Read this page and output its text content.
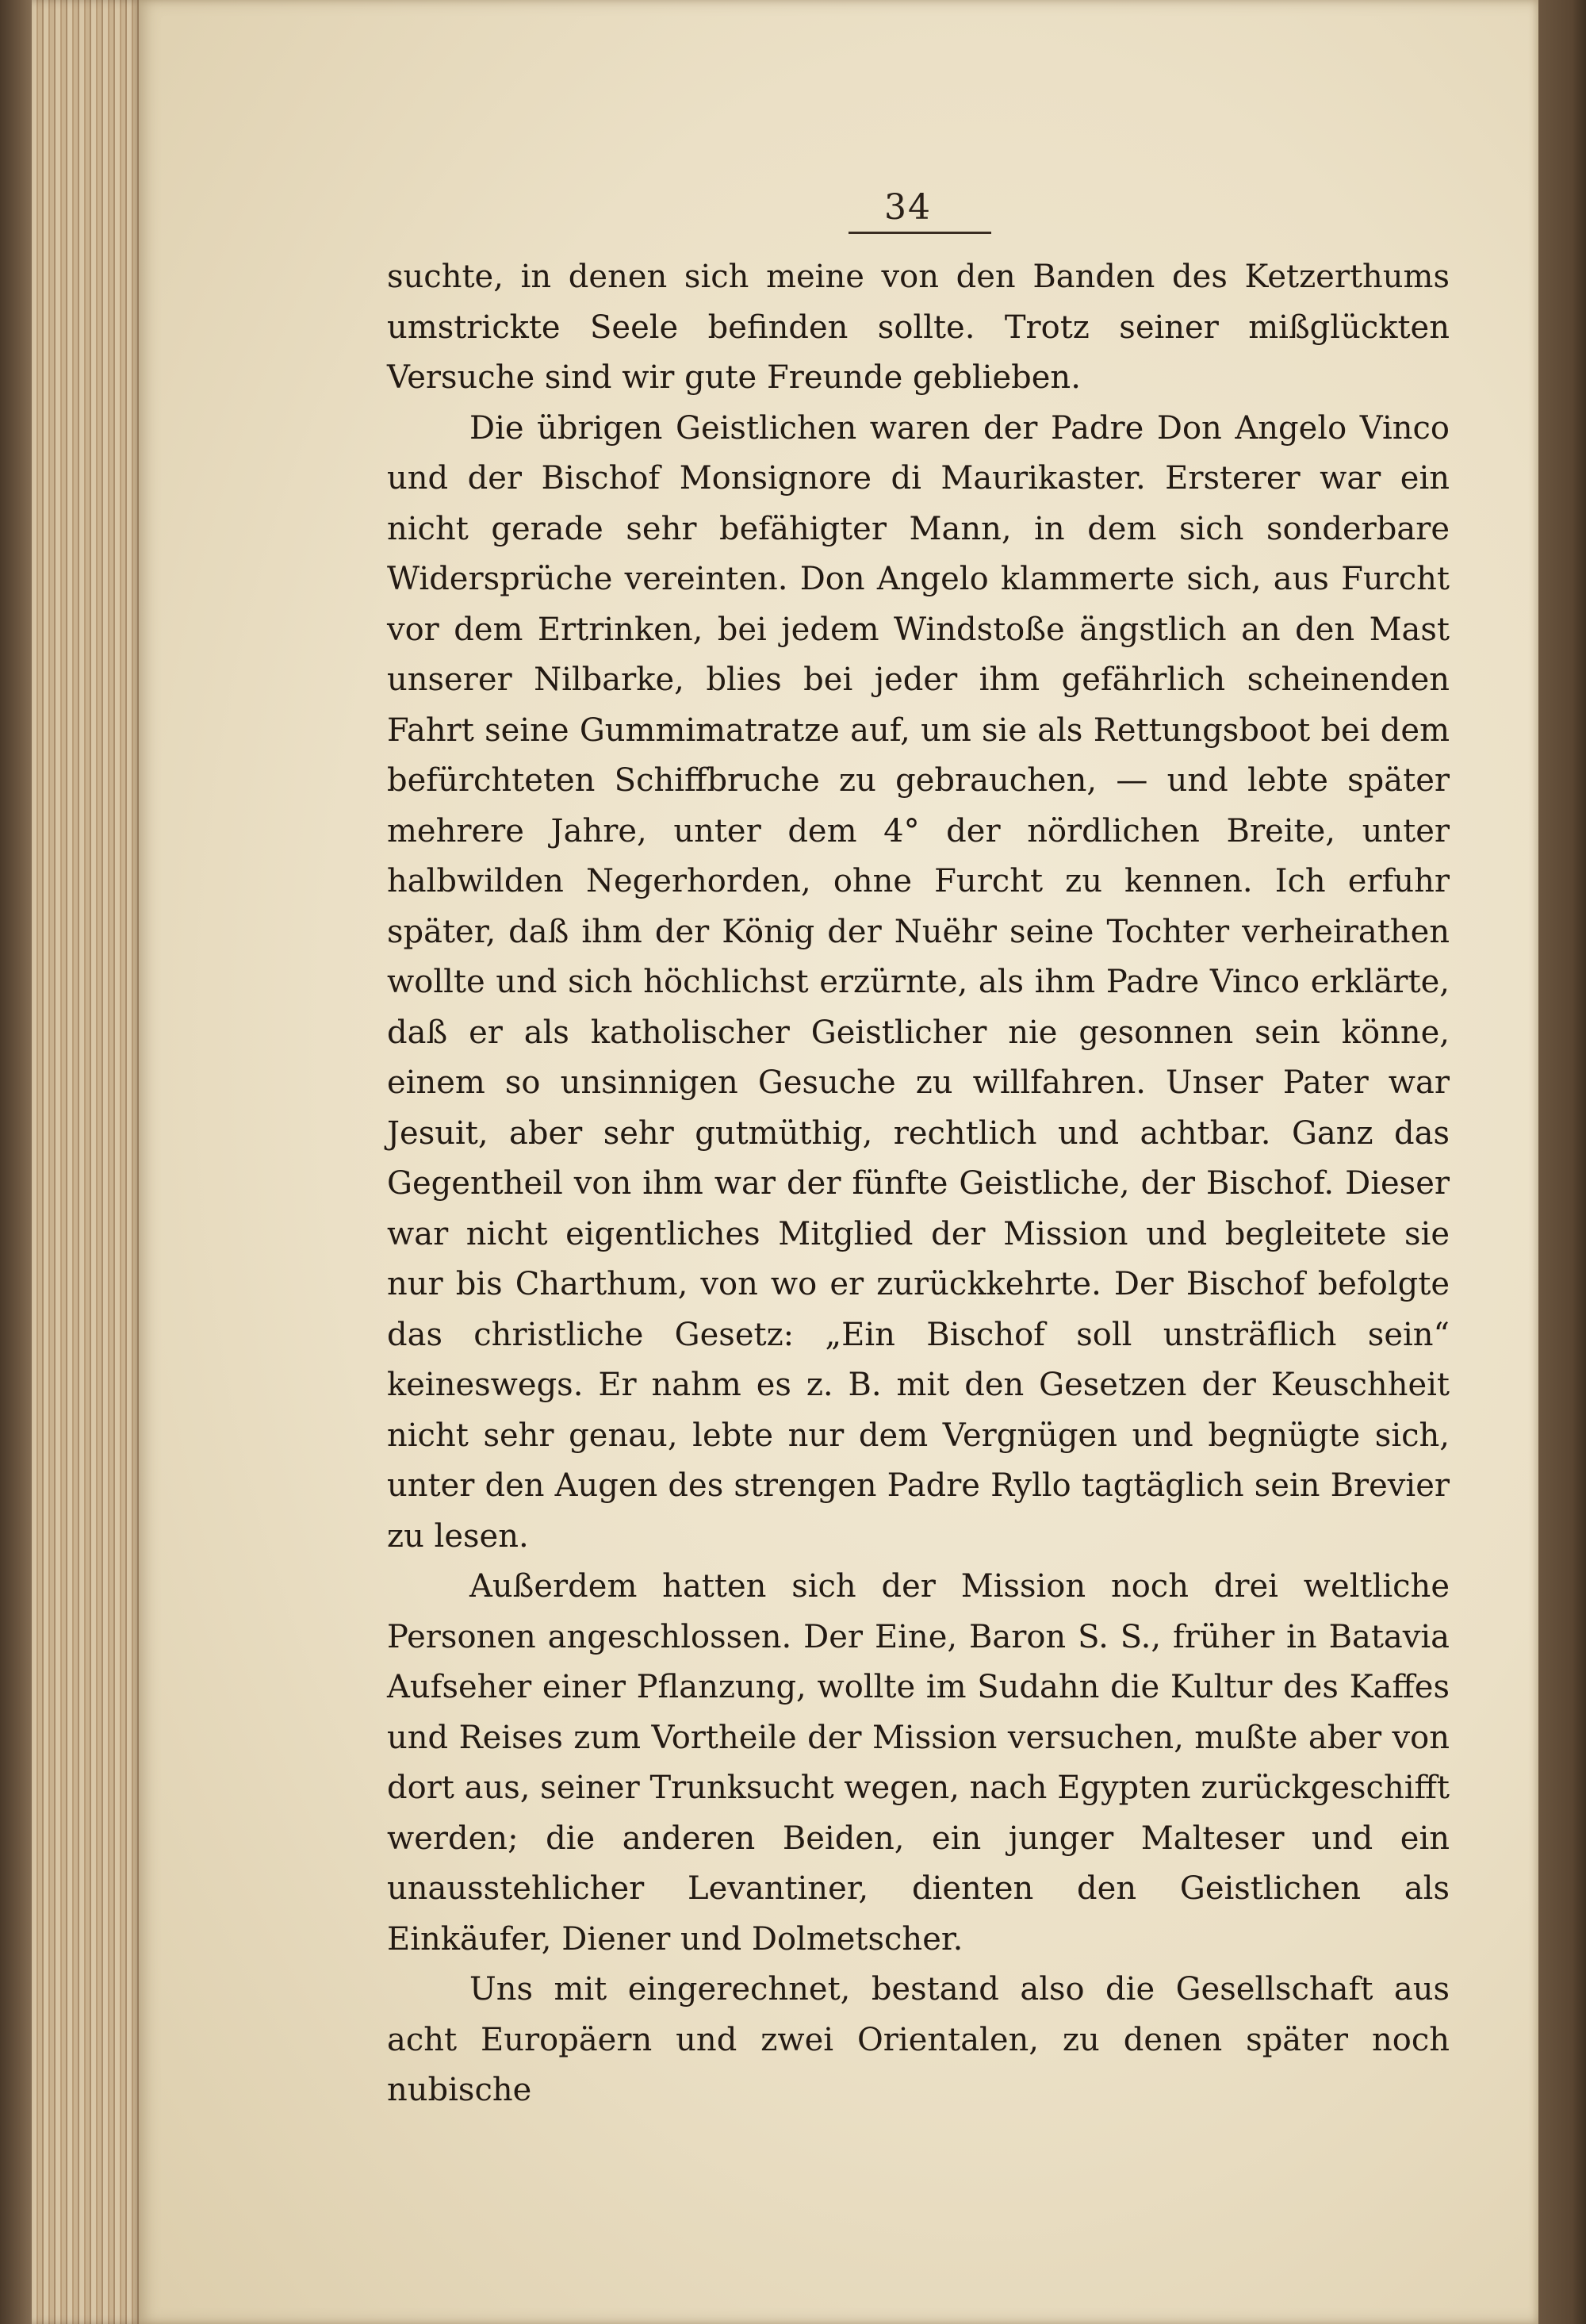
34

suchte, in denen sich meine von den Banden des Ketzerthums umstrickte Seele befinden sollte. Trotz seiner mißglückten Versuche sind wir gute Freunde geblieben.

Die übrigen Geistlichen waren der Padre Don Angelo Vinco und der Bischof Monsignore di Maurikaster. Ersterer war ein nicht gerade sehr befähigter Mann, in dem sich sonderbare Widersprüche vereinten. Don Angelo klammerte sich, aus Furcht vor dem Ertrinken, bei jedem Windstoße ängstlich an den Mast unserer Nilbarke, blies bei jeder ihm gefährlich scheinenden Fahrt seine Gummimatratze auf, um sie als Rettungsboot bei dem befürchteten Schiffbruche zu gebrauchen, — und lebte später mehrere Jahre, unter dem 4° der nördlichen Breite, unter halbwilden Negerhorden, ohne Furcht zu kennen. Ich erfuhr später, daß ihm der König der Nuëhr seine Tochter verheirathen wollte und sich höchlichst erzürnte, als ihm Padre Vinco erklärte, daß er als katholischer Geistlicher nie gesonnen sein könne, einem so unsinnigen Gesuche zu willfahren. Unser Pater war Jesuit, aber sehr gutmüthig, rechtlich und achtbar. Ganz das Gegentheil von ihm war der fünfte Geistliche, der Bischof. Dieser war nicht eigentliches Mitglied der Mission und begleitete sie nur bis Charthum, von wo er zurückkehrte. Der Bischof befolgte das christliche Gesetz: „Ein Bischof soll unsträflich sein“ keineswegs. Er nahm es z. B. mit den Gesetzen der Keuschheit nicht sehr genau, lebte nur dem Vergnügen und begnügte sich, unter den Augen des strengen Padre Ryllo tagtäglich sein Brevier zu lesen.

Außerdem hatten sich der Mission noch drei weltliche Personen angeschlossen. Der Eine, Baron S. S., früher in Batavia Aufseher einer Pflanzung, wollte im Sudahn die Kultur des Kaffes und Reises zum Vortheile der Mission versuchen, mußte aber von dort aus, seiner Trunksucht wegen, nach Egypten zurückgeschifft werden; die anderen Beiden, ein junger Malteser und ein unausstehlicher Levantiner, dienten den Geistlichen als Einkäufer, Diener und Dolmetscher.

Uns mit eingerechnet, bestand also die Gesellschaft aus acht Europäern und zwei Orientalen, zu denen später noch nubische
